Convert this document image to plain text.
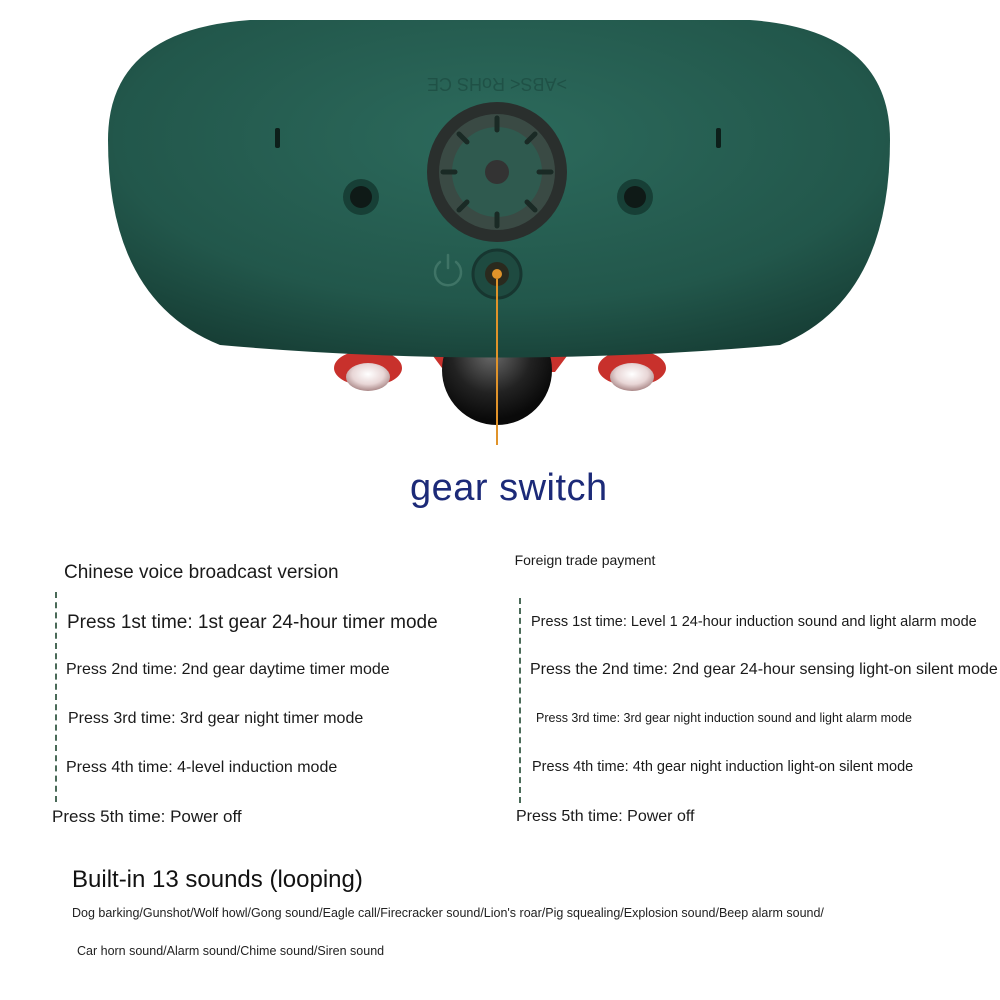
>ABS< RoHS CE
gear switch
Chinese voice broadcast version
Press 1st time: 1st gear 24-hour timer mode
Press 2nd time: 2nd gear daytime timer mode
Press 3rd time: 3rd gear night timer mode
Press 4th time: 4-level induction mode
Press 5th time: Power off
Foreign trade payment
Press 1st time: Level 1 24-hour induction sound and light alarm mode
Press the 2nd time: 2nd gear 24-hour sensing light-on silent mode
Press 3rd time: 3rd gear night induction sound and light alarm mode
Press 4th time: 4th gear night induction light-on silent mode
Press 5th time: Power off
Built-in 13 sounds (looping)
Dog barking/Gunshot/Wolf howl/Gong sound/Eagle call/Firecracker sound/Lion's roar/Pig squealing/Explosion sound/Beep alarm sound/
Car horn sound/Alarm sound/Chime sound/Siren sound
